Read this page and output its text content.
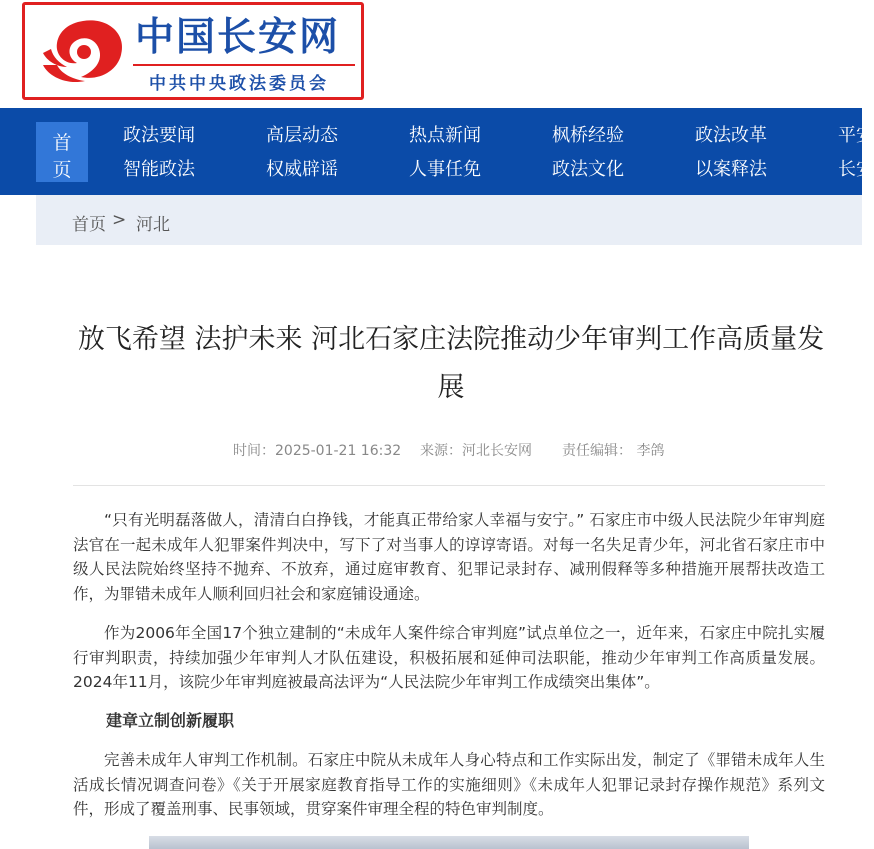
中国长安网
中共中央政法委员会
首
页
政法要闻	高层动态	热点新闻	枫桥经验	政法改革	平安
智能政法	权威辟谣	人事任免	政法文化	以案释法	长安
首页 > 河北
放飞希望 法护未来 河北石家庄法院推动少年审判工作高质量发展
时间：2025-01-21 16:32 来源：河北长安网 责任编辑： 李鸽

“只有光明磊落做人，清清白白挣钱，才能真正带给家人幸福与安宁。” 石家庄市中级人民法院少年审判庭法官在一起未成年人犯罪案件判决中，写下了对当事人的谆谆寄语。对每一名失足青少年，河北省石家庄市中级人民法院始终坚持不抛弃、不放弃，通过庭审教育、犯罪记录封存、减刑假释等多种措施开展帮扶改造工作，为罪错未成年人顺利回归社会和家庭铺设通途。

作为2006年全国17个独立建制的“未成年人案件综合审判庭”试点单位之一，近年来，石家庄中院扎实履行审判职责，持续加强少年审判人才队伍建设，积极拓展和延伸司法职能，推动少年审判工作高质量发展。2024年11月，该院少年审判庭被最高法评为“人民法院少年审判工作成绩突出集体”。

建章立制创新履职

完善未成年人审判工作机制。石家庄中院从未成年人身心特点和工作实际出发，制定了《罪错未成年人生活成长情况调查问卷》《关于开展家庭教育指导工作的实施细则》《未成年人犯罪记录封存操作规范》系列文件，形成了覆盖刑事、民事领域，贯穿案件审理全程的特色审判制度。
